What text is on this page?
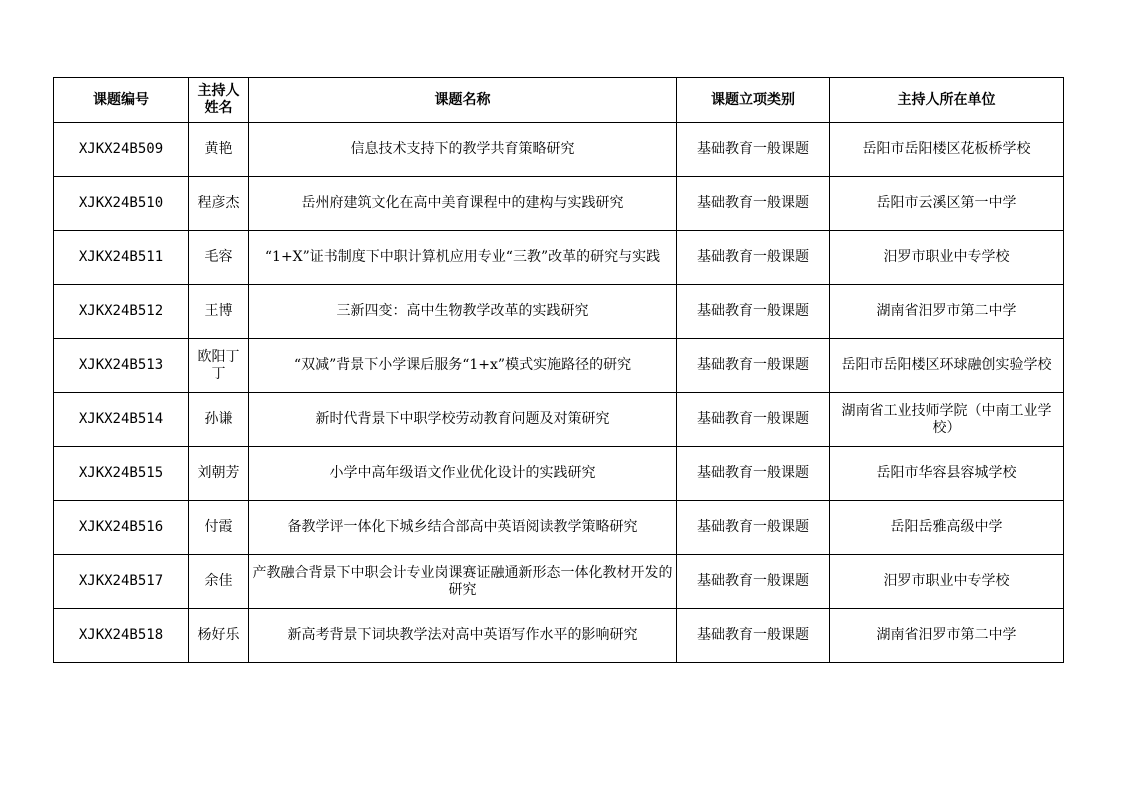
课题编号	主持人姓名	课题名称	课题立项类别	主持人所在单位
XJKX24B509	黄艳	信息技术支持下的教学共育策略研究	基础教育一般课题	岳阳市岳阳楼区花板桥学校
XJKX24B510	程彦杰	岳州府建筑文化在高中美育课程中的建构与实践研究	基础教育一般课题	岳阳市云溪区第一中学
XJKX24B511	毛容	“1+X”证书制度下中职计算机应用专业“三教”改革的研究与实践	基础教育一般课题	汨罗市职业中专学校
XJKX24B512	王博	三新四变：高中生物教学改革的实践研究	基础教育一般课题	湖南省汨罗市第二中学
XJKX24B513	欧阳丁丁	“双减”背景下小学课后服务“1+x”模式实施路径的研究	基础教育一般课题	岳阳市岳阳楼区环球融创实验学校
XJKX24B514	孙谦	新时代背景下中职学校劳动教育问题及对策研究	基础教育一般课题	湖南省工业技师学院（中南工业学校）
XJKX24B515	刘朝芳	小学中高年级语文作业优化设计的实践研究	基础教育一般课题	岳阳市华容县容城学校
XJKX24B516	付霞	备教学评一体化下城乡结合部高中英语阅读教学策略研究	基础教育一般课题	岳阳岳雅高级中学
XJKX24B517	余佳	产教融合背景下中职会计专业岗课赛证融通新形态一体化教材开发的研究	基础教育一般课题	汨罗市职业中专学校
XJKX24B518	杨好乐	新高考背景下词块教学法对高中英语写作水平的影响研究	基础教育一般课题	湖南省汨罗市第二中学
